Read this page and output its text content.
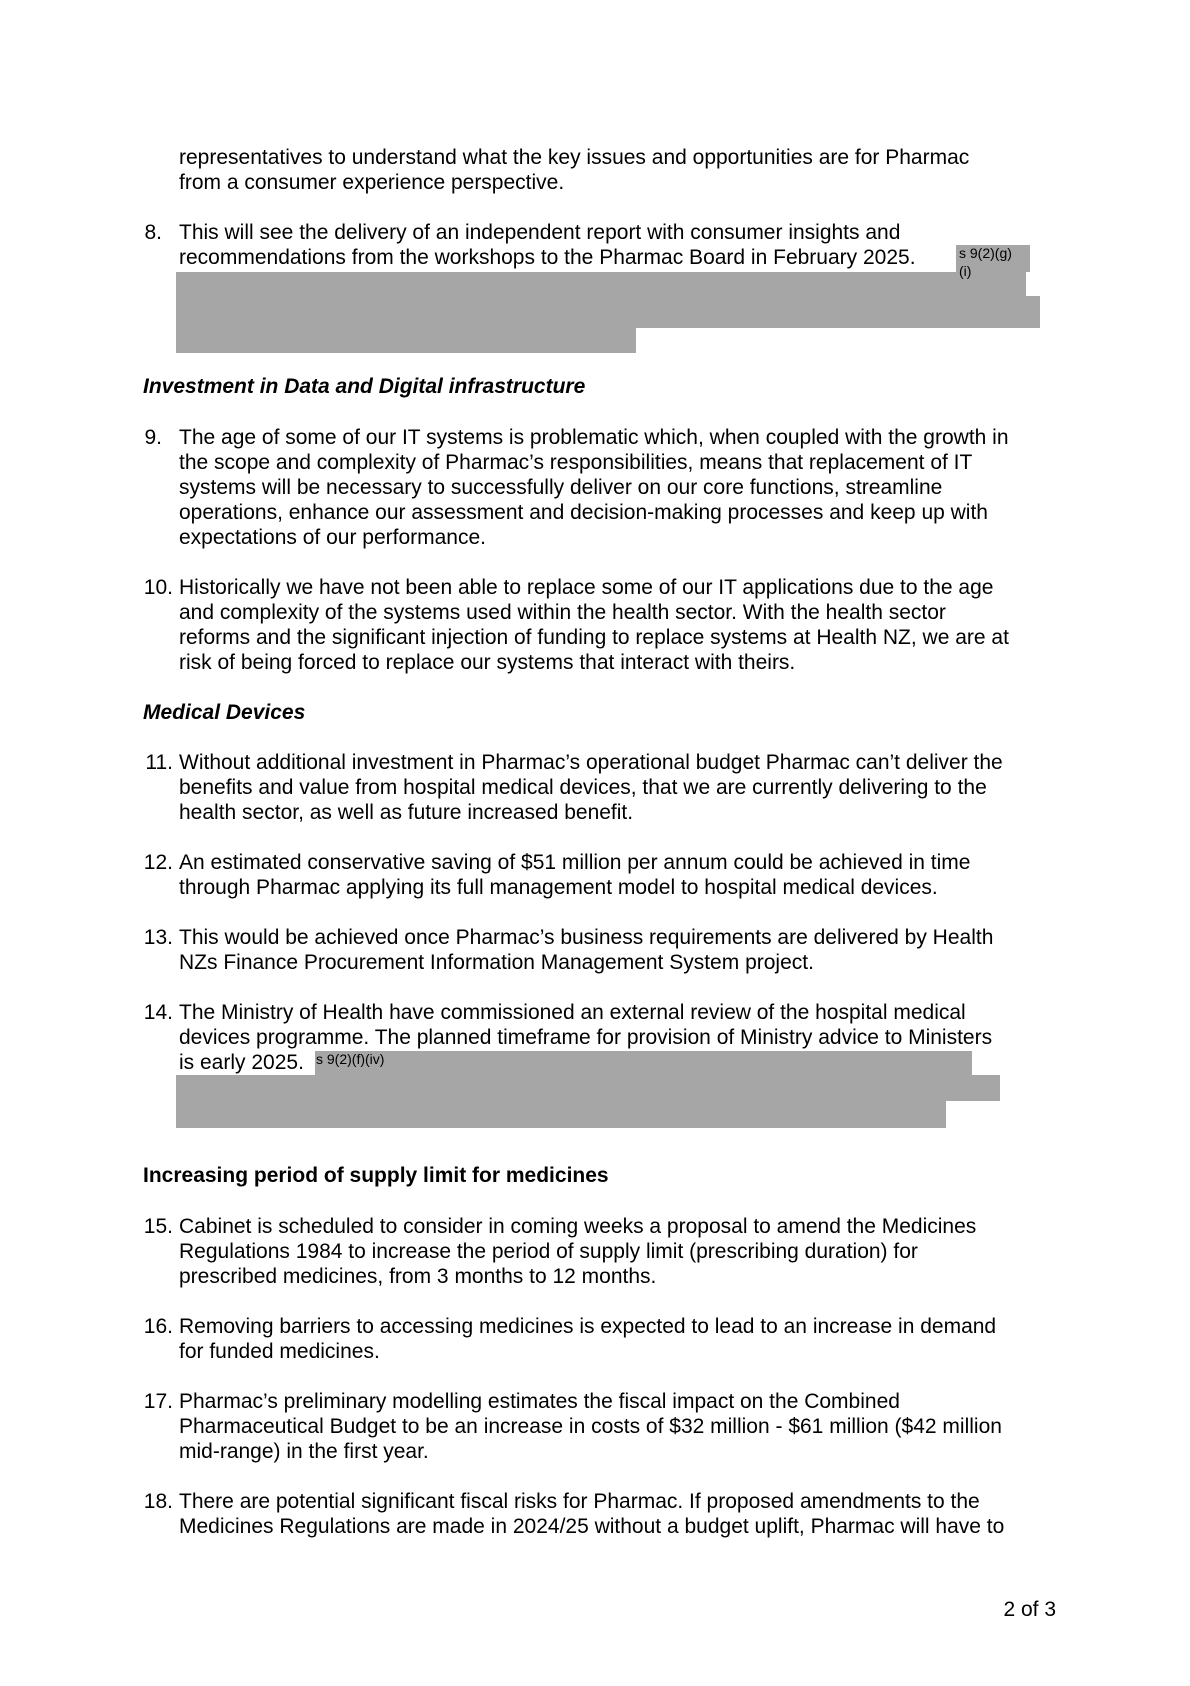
representatives to understand what the key issues and opportunities are for Pharmac
from a consumer experience perspective.
8. This will see the delivery of an independent report with consumer insights and
recommendations from the workshops to the Pharmac Board in February 2025.	s 9(2)(g)
(i)
Investment in Data and Digital infrastructure
9. The age of some of our IT systems is problematic which, when coupled with the growth in
the scope and complexity of Pharmac’s responsibilities, means that replacement of IT
systems will be necessary to successfully deliver on our core functions, streamline
operations, enhance our assessment and decision-making processes and keep up with
expectations of our performance.
10. Historically we have not been able to replace some of our IT applications due to the age
and complexity of the systems used within the health sector. With the health sector
reforms and the significant injection of funding to replace systems at Health NZ, we are at
risk of being forced to replace our systems that interact with theirs.
Medical Devices
11. Without additional investment in Pharmac’s operational budget Pharmac can’t deliver the
benefits and value from hospital medical devices, that we are currently delivering to the
health sector, as well as future increased benefit.
12. An estimated conservative saving of $51 million per annum could be achieved in time
through Pharmac applying its full management model to hospital medical devices.
13. This would be achieved once Pharmac’s business requirements are delivered by Health
NZs Finance Procurement Information Management System project.
14. The Ministry of Health have commissioned an external review of the hospital medical
devices programme. The planned timeframe for provision of Ministry advice to Ministers
is early 2025. s 9(2)(f)(iv)
Increasing period of supply limit for medicines
15. Cabinet is scheduled to consider in coming weeks a proposal to amend the Medicines
Regulations 1984 to increase the period of supply limit (prescribing duration) for
prescribed medicines, from 3 months to 12 months.
16. Removing barriers to accessing medicines is expected to lead to an increase in demand
for funded medicines.
17. Pharmac’s preliminary modelling estimates the fiscal impact on the Combined
Pharmaceutical Budget to be an increase in costs of $32 million - $61 million ($42 million
mid-range) in the first year.
18. There are potential significant fiscal risks for Pharmac. If proposed amendments to the
Medicines Regulations are made in 2024/25 without a budget uplift, Pharmac will have to
2 of 3
